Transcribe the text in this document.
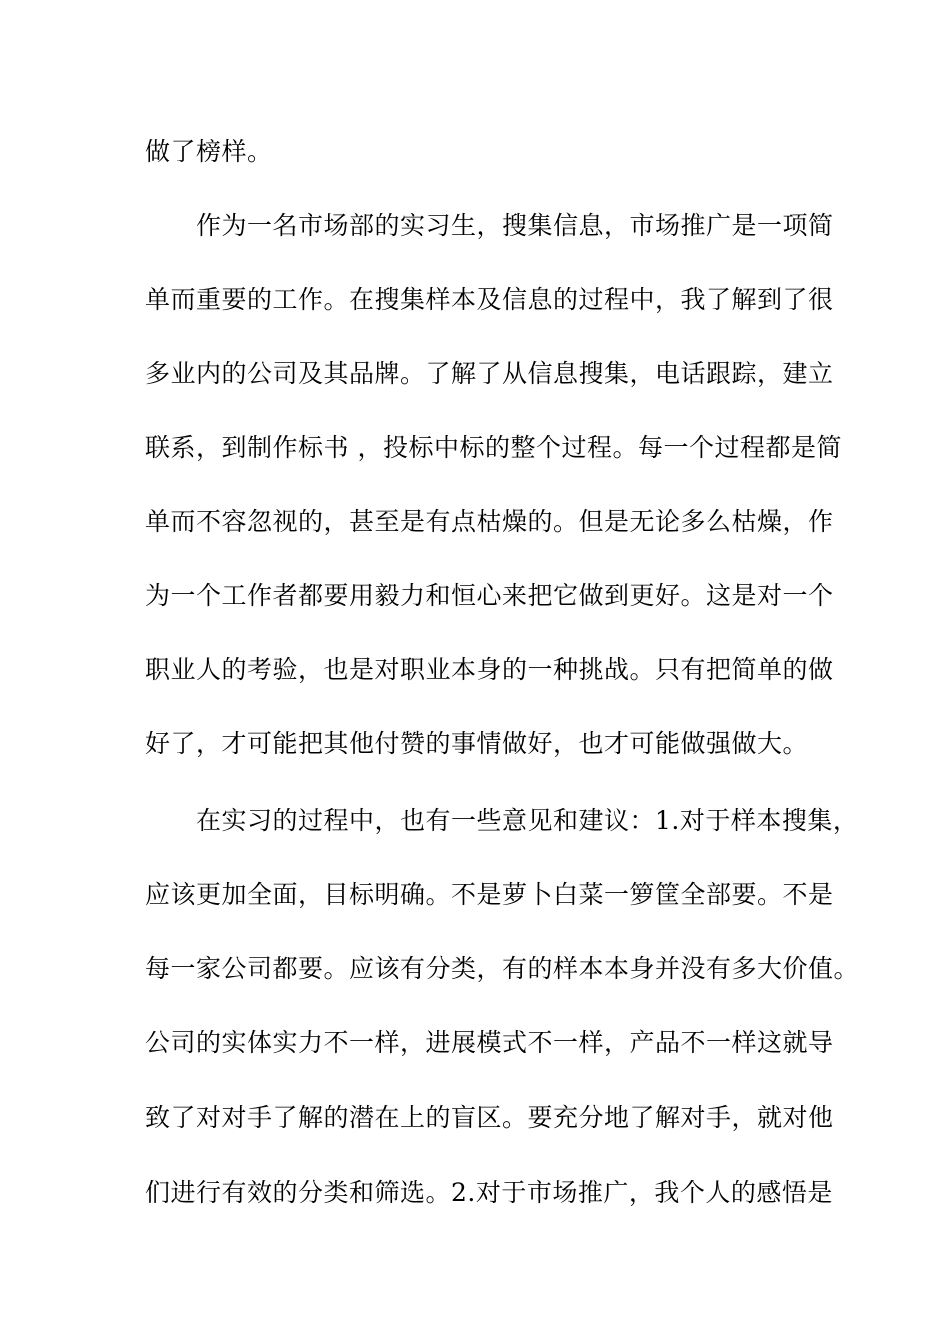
做了榜样。
　　作为一名市场部的实习生，搜集信息，市场推广是一项简
单而重要的工作。在搜集样本及信息的过程中，我了解到了很
多业内的公司及其品牌。了解了从信息搜集，电话跟踪，建立
联系，到制作标书 ，投标中标的整个过程。每一个过程都是简
单而不容忽视的，甚至是有点枯燥的。但是无论多么枯燥，作
为一个工作者都要用毅力和恒心来把它做到更好。这是对一个
职业人的考验，也是对职业本身的一种挑战。只有把简单的做
好了，才可能把其他付赞的事情做好，也才可能做强做大。
　　在实习的过程中，也有一些意见和建议：1.对于样本搜集，
应该更加全面，目标明确。不是萝卜白菜一箩筐全部要。不是
每一家公司都要。应该有分类，有的样本本身并没有多大价值。
公司的实体实力不一样，进展模式不一样，产品不一样这就导
致了对对手了解的潜在上的盲区。要充分地了解对手，就对他
们进行有效的分类和筛选。2.对于市场推广，我个人的感悟是
